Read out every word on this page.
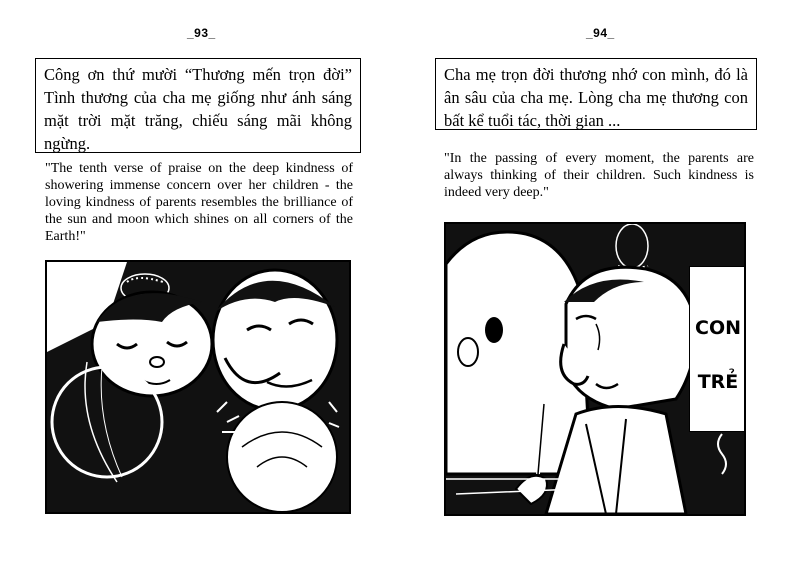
_93_
Công ơn thứ mười “Thương mến trọn đời” Tình thương của cha mẹ giống như ánh sáng mặt trời mặt trăng, chiếu sáng mãi không ngừng.
"The tenth verse of praise on the deep kindness of showering immense concern over her children - the loving kindness of parents resembles the brilliance of the sun and moon which shines on all corners of the Earth!"
_94_
Cha mẹ trọn đời thương nhớ con mình, đó là ân sâu của cha mẹ. Lòng cha mẹ thương con bất kể tuổi tác, thời gian ...
"In the passing of every moment, the parents are always thinking of their children. Such kindness is indeed very deep."
CON
TRẺ
